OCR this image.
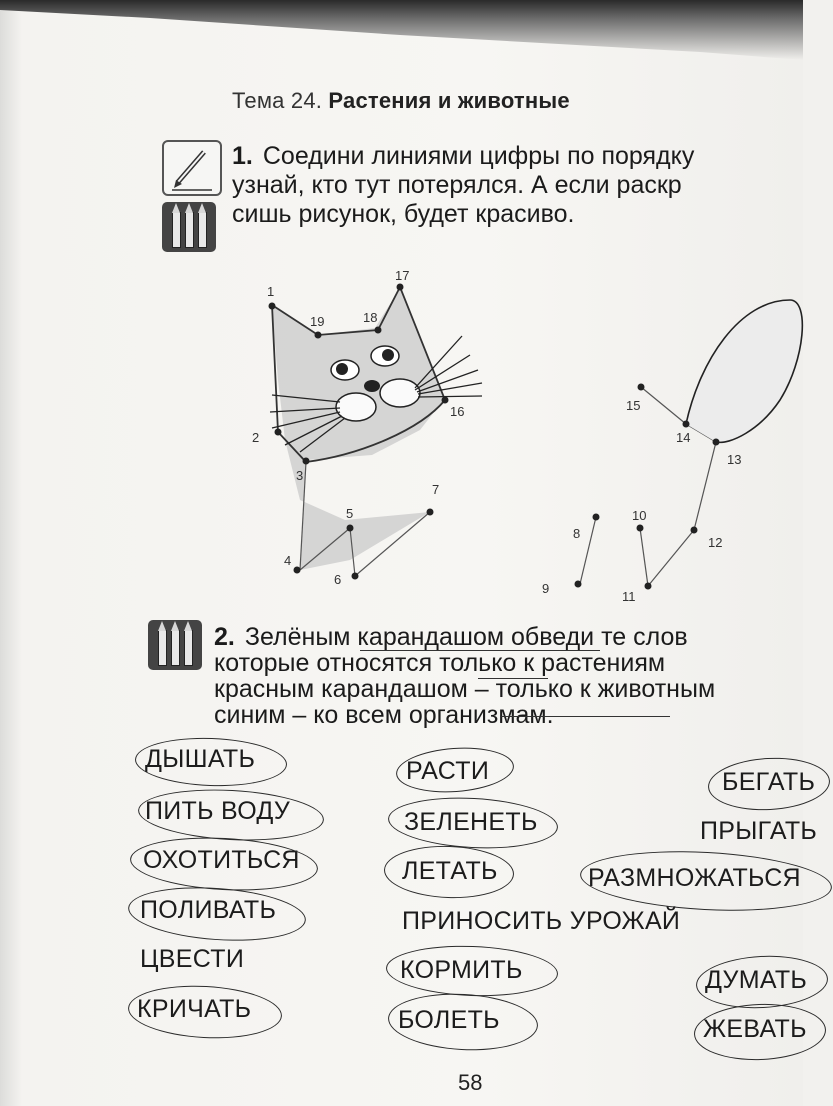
Тема 24. Растения и животные
1. Соедини линиями цифры по порядку
узнай, кто тут потерялся. А если раскр
сишь рисунок, будет красиво.
1
2
3
4
5
6
7
8
9
10
11
12
13
14
15
16
17
18
19
2. Зелёным карандашом обведи те слов
которые относятся только к растениям
красным карандашом – только к животным
синим – ко всем организмам.
ДЫШАТЬ
ПИТЬ ВОДУ
ОХОТИТЬСЯ
ПОЛИВАТЬ
ЦВЕСТИ
КРИЧАТЬ
РАСТИ
ЗЕЛЕНЕТЬ
ЛЕТАТЬ
ПРИНОСИТЬ УРОЖАЙ
КОРМИТЬ
БОЛЕТЬ
БЕГАТЬ
ПРЫГАТЬ
РАЗМНОЖАТЬСЯ
ДУМАТЬ
ЖЕВАТЬ
58
